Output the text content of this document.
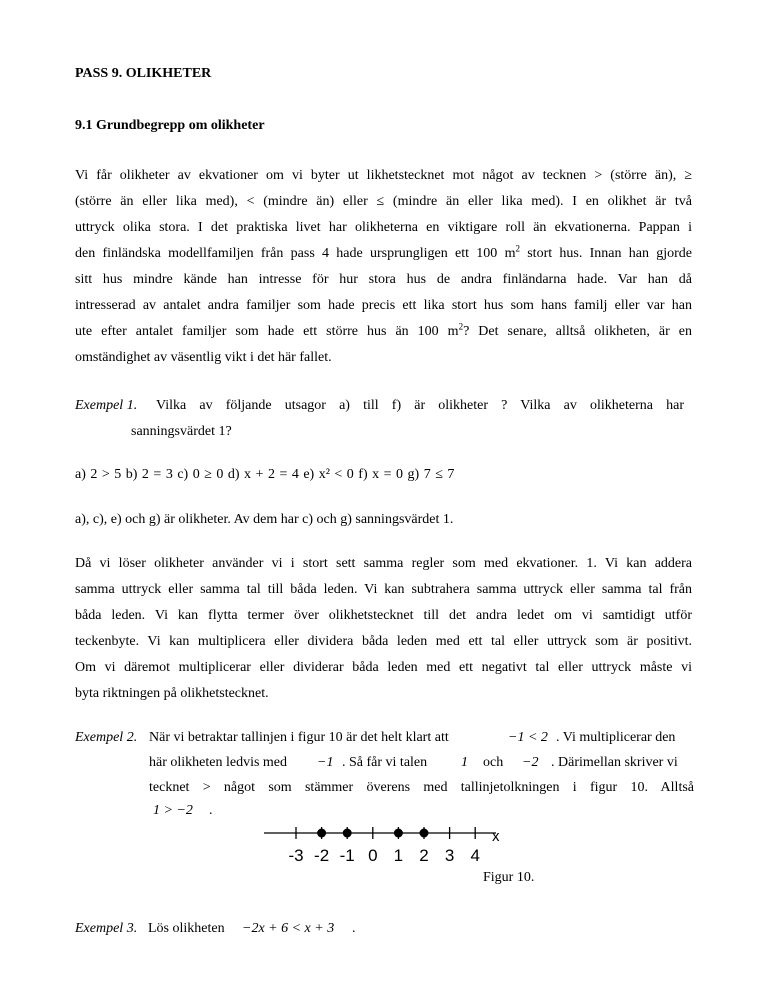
PASS 9. OLIKHETER
9.1 Grundbegrepp om olikheter
Vi får olikheter av ekvationer om vi byter ut likhetstecknet mot något av tecknen > (större än), ≥
(större än eller lika med), < (mindre än) eller ≤ (mindre än eller lika med). I en olikhet är två
uttryck olika stora. I det praktiska livet har olikheterna en viktigare roll än ekvationerna. Pappan i
den finländska modellfamiljen från pass 4 hade ursprungligen ett 100 $m^2$ stort hus. Innan han gjorde
sitt hus mindre kände han intresse för hur stora hus de andra finländarna hade. Var han då
intresserad av antalet andra familjer som hade precis ett lika stort hus som hans familj eller var han
ute efter antalet familjer som hade ett större hus än 100 $m^2$? Det senare, alltså olikheten, är en
omständighet av väsentlig vikt i det här fallet.
Exempel 1. Vilka av följande utsagor a) till f) är olikheter ? Vilka av olikheterna har
sanningsvärdet 1?
a) 2 > 5 b) 2 = 3 c) 0 ≥ 0 d) x + 2 = 4 e) x² < 0 f) x = 0 g) 7 ≤ 7
a), c), e) och g) är olikheter. Av dem har c) och g) sanningsvärdet 1.
Då vi löser olikheter använder vi i stort sett samma regler som med ekvationer. 1. Vi kan addera
samma uttryck eller samma tal till båda leden. Vi kan subtrahera samma uttryck eller samma tal från
båda leden. Vi kan flytta termer över olikhetstecknet till det andra ledet om vi samtidigt utför
teckenbyte. Vi kan multiplicera eller dividera båda leden med ett tal eller uttryck som är positivt.
Om vi däremot multiplicerar eller dividerar båda leden med ett negativt tal eller uttryck måste vi
byta riktningen på olikhetstecknet.
Exempel 2. När vi betraktar tallinjen i figur 10 är det helt klart att	−1 < 2 . Vi multiplicerar den
här olikheten ledvis med −1 . Så får vi talen 1 och −2 . Därimellan skriver vi
tecknet > något som stämmer överens med tallinjetolkningen i figur 10. Alltså
1 > −2 .
-3 -2 -1 0 1 2 3 4
x
Figur 10.
Exempel 3. Lös olikheten −2x + 6 < x + 3 .
